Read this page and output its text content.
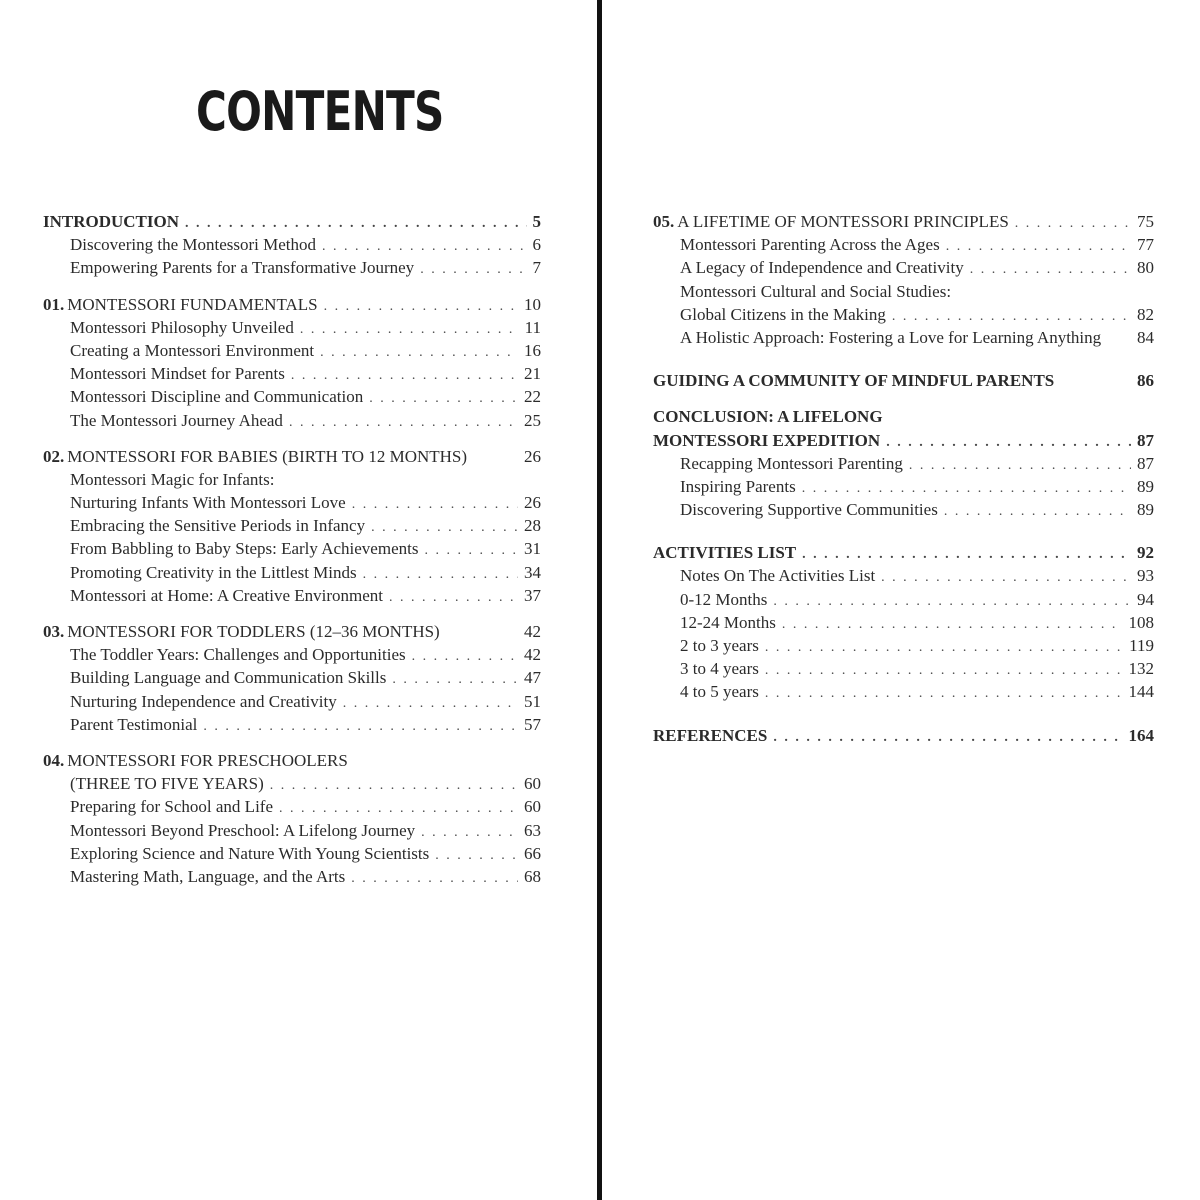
CONTENTS
INTRODUCTION . . .	5
Discovering the Montessori Method . . .	6
Empowering Parents for a Transformative Journey . . .	7
01. MONTESSORI FUNDAMENTALS . . .	10
Montessori Philosophy Unveiled . . .	11
Creating a Montessori Environment . . .	16
Montessori Mindset for Parents . . .	21
Montessori Discipline and Communication . . .	22
The Montessori Journey Ahead . . .	25
02. MONTESSORI FOR BABIES (BIRTH TO 12 MONTHS)	26
Montessori Magic for Infants:
Nurturing Infants With Montessori Love . . .	26
Embracing the Sensitive Periods in Infancy . . .	28
From Babbling to Baby Steps: Early Achievements . . .	31
Promoting Creativity in the Littlest Minds . . .	34
Montessori at Home: A Creative Environment . . .	37
03. MONTESSORI FOR TODDLERS (12–36 MONTHS)	42
The Toddler Years: Challenges and Opportunities . . .	42
Building Language and Communication Skills . . .	47
Nurturing Independence and Creativity . . .	51
Parent Testimonial . . .	57
04. MONTESSORI FOR PRESCHOOLERS
(THREE TO FIVE YEARS) . . .	60
Preparing for School and Life . . .	60
Montessori Beyond Preschool: A Lifelong Journey . . .	63
Exploring Science and Nature With Young Scientists . . .	66
Mastering Math, Language, and the Arts . . .	68
05. A LIFETIME OF MONTESSORI PRINCIPLES . . .	75
Montessori Parenting Across the Ages . . .	77
A Legacy of Independence and Creativity . . .	80
Montessori Cultural and Social Studies:
Global Citizens in the Making . . .	82
A Holistic Approach: Fostering a Love for Learning Anything 84
GUIDING A COMMUNITY OF MINDFUL PARENTS	86
CONCLUSION: A LIFELONG
MONTESSORI EXPEDITION . . .	87
Recapping Montessori Parenting . . .	87
Inspiring Parents . . .	89
Discovering Supportive Communities . . .	89
ACTIVITIES LIST . . .	92
Notes On The Activities List . . .	93
0-12 Months . . .	94
12-24 Months . . .	108
2 to 3 years . . .	119
3 to 4 years . . .	132
4 to 5 years . . .	144
REFERENCES . . .	164
